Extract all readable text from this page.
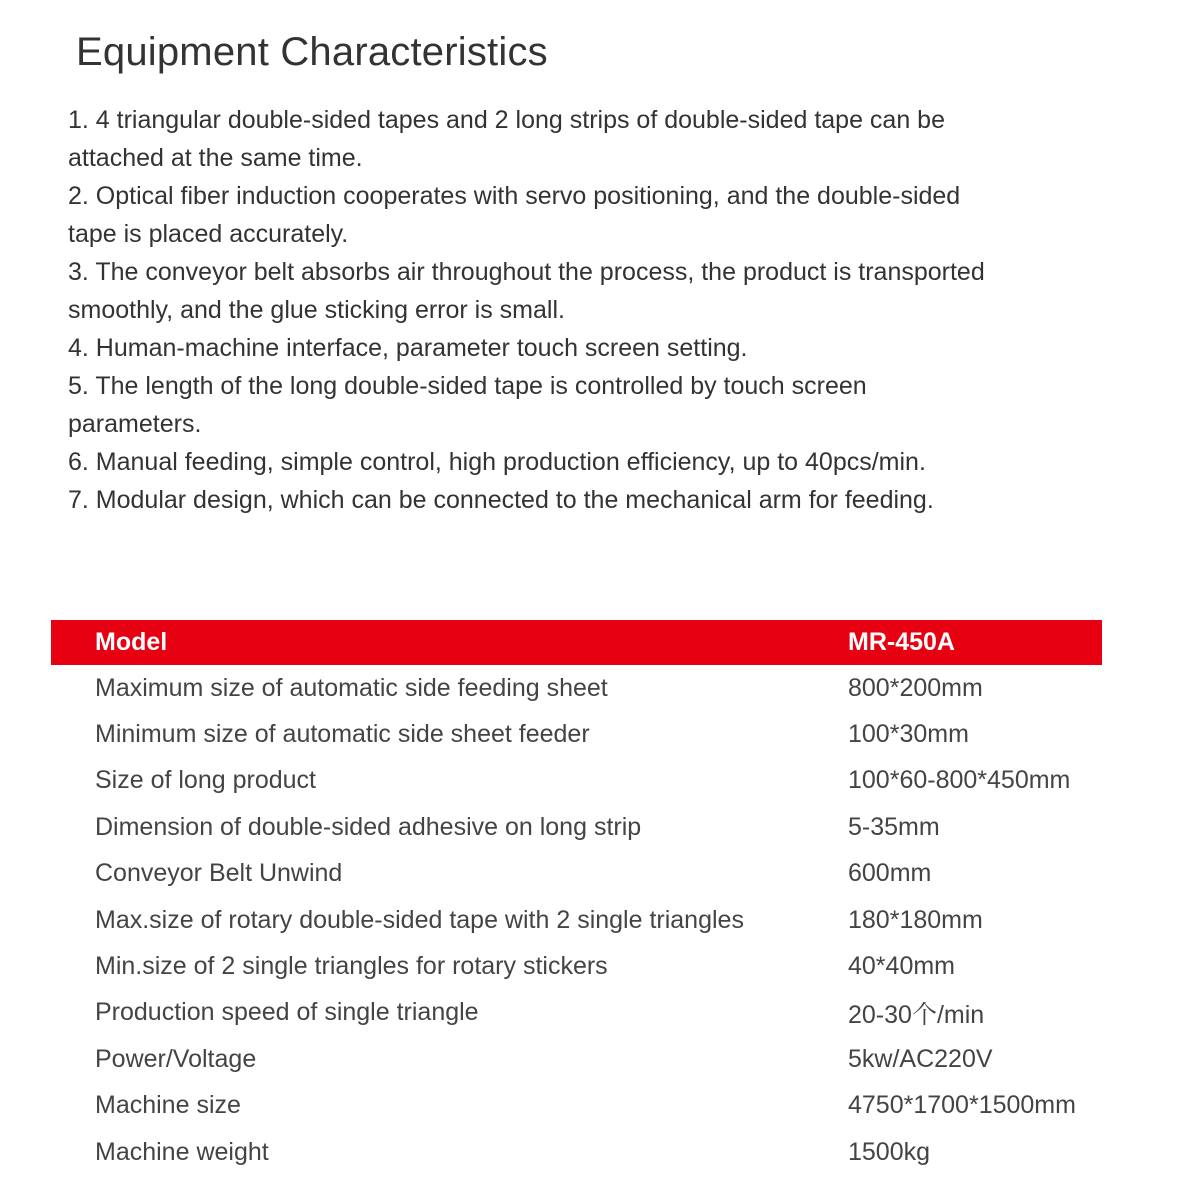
Equipment Characteristics

1. 4 triangular double-sided tapes and 2 long strips of double-sided tape can be attached at the same time.

2. Optical fiber induction cooperates with servo positioning, and the double-sided tape is placed accurately.

3. The conveyor belt absorbs air throughout the process, the product is transported smoothly, and the glue sticking error is small.

4. Human-machine interface, parameter touch screen setting.

5. The length of the long double-sided tape is controlled by touch screen parameters.

6. Manual feeding, simple control, high production efficiency, up to 40pcs/min.

7. Modular design, which can be connected to the mechanical arm for feeding.

Model	MR-450A
Maximum size of automatic side feeding sheet	800*200mm
Minimum size of automatic side sheet feeder	100*30mm
Size of long product	100*60-800*450mm
Dimension of double-sided adhesive on long strip	5-35mm
Conveyor Belt Unwind	600mm
Max.size of rotary double-sided tape with 2 single triangles	180*180mm
Min.size of 2 single triangles for rotary stickers	40*40mm
Production speed of single triangle	20-30个/min
Power/Voltage	5kw/AC220V
Machine size	4750*1700*1500mm
Machine weight	1500kg
